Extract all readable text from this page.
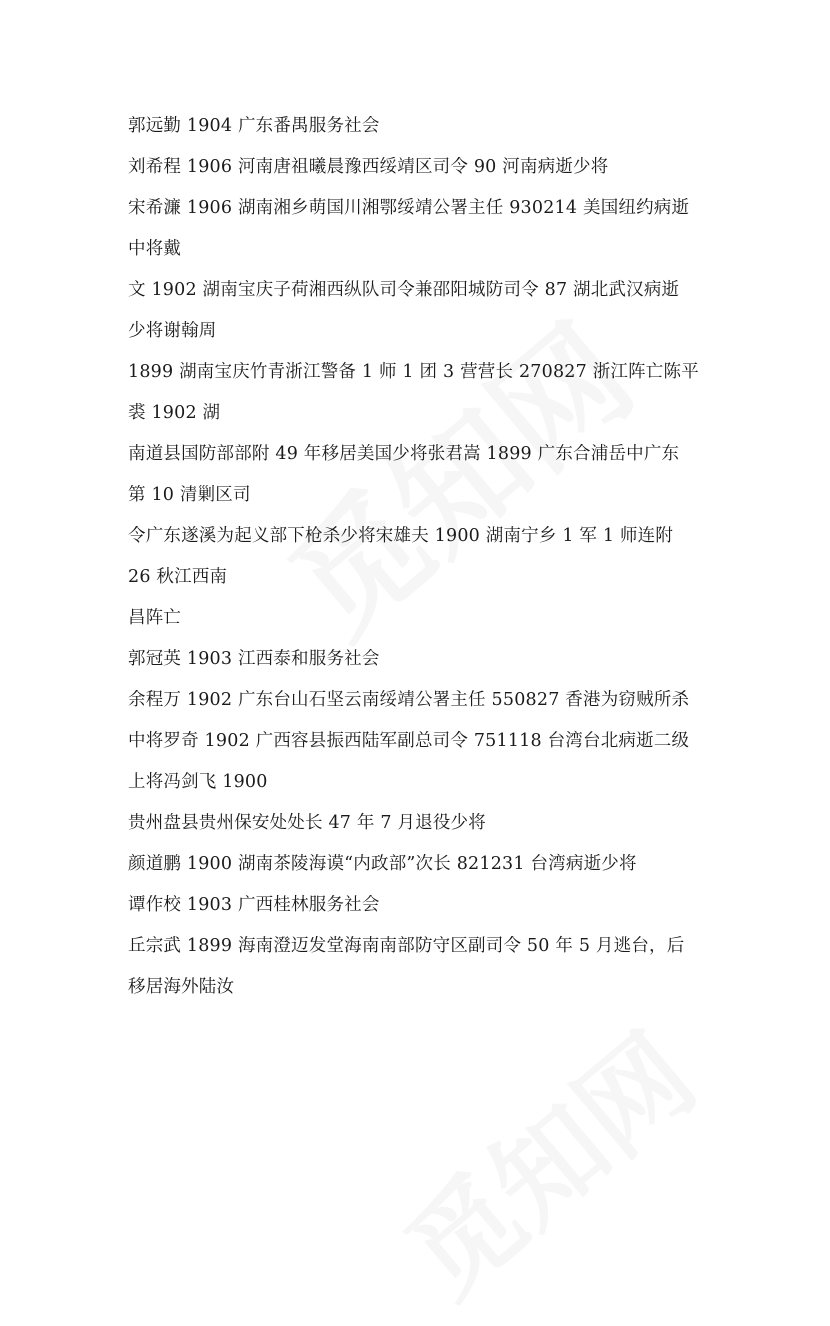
郭远勤 1904 广东番禺服务社会
刘希程 1906 河南唐祖曦晨豫西绥靖区司令 90 河南病逝少将
宋希濂 1906 湖南湘乡萌国川湘鄂绥靖公署主任 930214 美国纽约病逝
中将戴
文 1902 湖南宝庆子荷湘西纵队司令兼邵阳城防司令 87 湖北武汉病逝
少将谢翰周
1899 湖南宝庆竹青浙江警备 1 师 1 团 3 营营长 270827 浙江阵亡陈平
裘 1902 湖
南道县国防部部附 49 年移居美国少将张君嵩 1899 广东合浦岳中广东
第 10 清剿区司
令广东遂溪为起义部下枪杀少将宋雄夫 1900 湖南宁乡 1 军 1 师连附
26 秋江西南
昌阵亡
郭冠英 1903 江西泰和服务社会
余程万 1902 广东台山石坚云南绥靖公署主任 550827 香港为窃贼所杀
中将罗奇 1902 广西容县振西陆军副总司令 751118 台湾台北病逝二级
上将冯剑飞 1900
贵州盘县贵州保安处处长 47 年 7 月退役少将
颜道鹏 1900 湖南茶陵海谟“内政部”次长 821231 台湾病逝少将
谭作校 1903 广西桂林服务社会
丘宗武 1899 海南澄迈发堂海南南部防守区副司令 50 年 5 月逃台，后
移居海外陆汝
